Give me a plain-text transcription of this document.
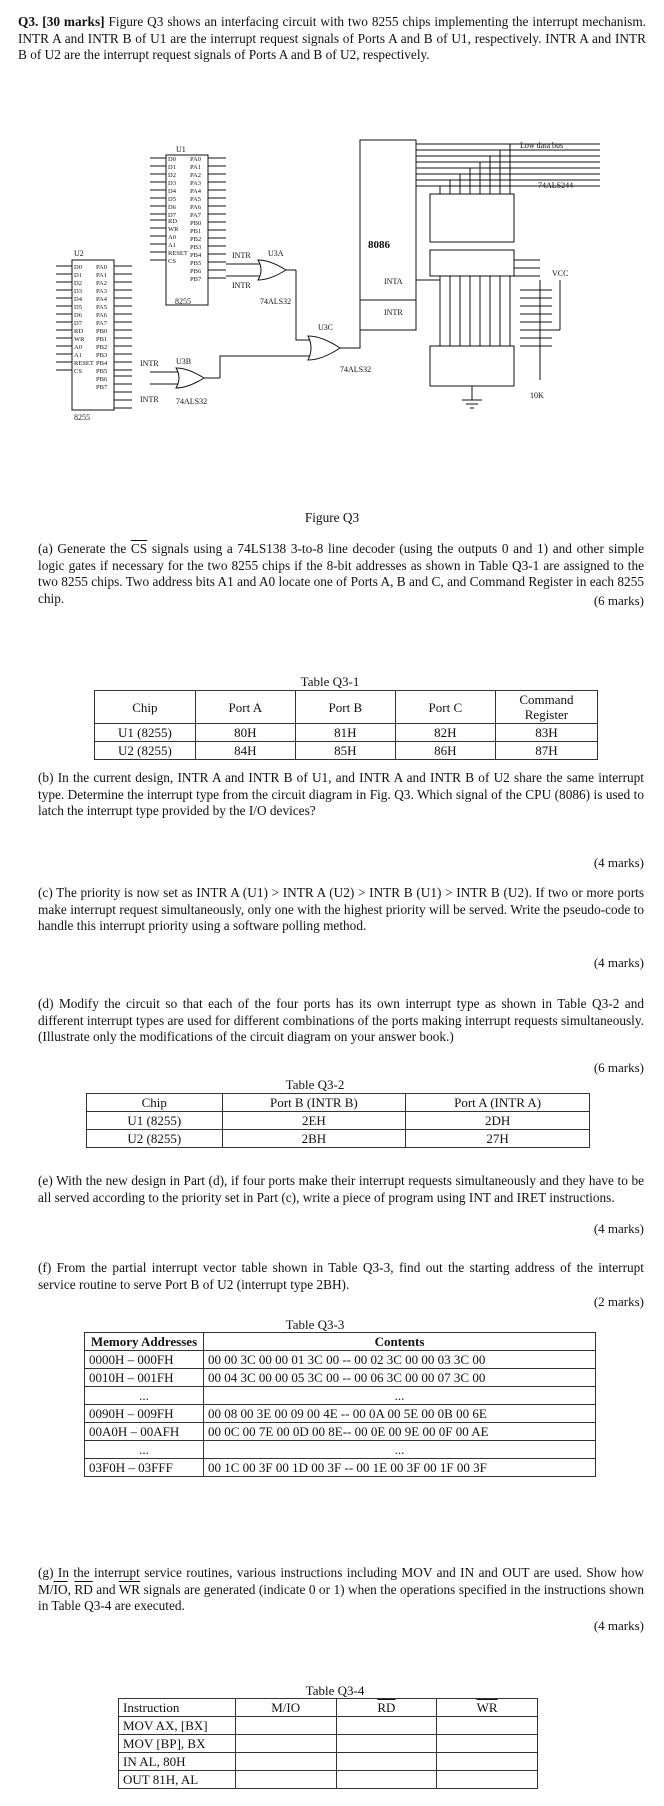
Q3. [30 marks] Figure Q3 shows an interfacing circuit with two 8255 chips implementing the interrupt mechanism. INTR A and INTR B of U1 are the interrupt request signals of Ports A and B of U1, respectively. INTR A and INTR B of U2 are the interrupt request signals of Ports A and B of U2, respectively.
U1
U2
8255
8255
8086
INTA
INTR
U3A
74ALS32
U3B
74ALS32
U3C
74ALS32
74ALS244
Low data bus
VCC
10K
INTR
INTR
INTR
INTR
D0
D1
D2
D3
D4
D5
D6
D7
RD
WR
A0
A1
RESET
CS
PA0
PA1
PA2
PA3
PA4
PA5
PA6
PA7
PB0
PB1
PB2
PB3
PB4
PB5
PB6
PB7
D0
D1
D2
D3
D4
D5
D6
D7
RD
WR
A0
A1
RESET
CS
PA0
PA1
PA2
PA3
PA4
PA5
PA6
PA7
PB0
PB1
PB2
PB3
PB4
PB5
PB6
PB7
Figure Q3
(a) Generate the $\overline{CS}$ signals using a 74LS138 3-to-8 line decoder (using the outputs 0 and 1) and other simple logic gates if necessary for the two 8255 chips if the 8-bit addresses as shown in Table Q3-1 are assigned to the two 8255 chips. Two address bits A1 and A0 locate one of Ports A, B and C, and Command Register in each 8255 chip.	(6 marks)
Table Q3-1
Chip	Port A	Port B	Port C	Command Register
U1 (8255)	80H	81H	82H	83H
U2 (8255)	84H	85H	86H	87H
(b) In the current design, INTR A and INTR B of U1, and INTR A and INTR B of U2 share the same interrupt type. Determine the interrupt type from the circuit diagram in Fig. Q3. Which signal of the CPU (8086) is used to latch the interrupt type provided by the I/O devices?
(4 marks)
(c) The priority is now set as INTR A (U1) > INTR A (U2) > INTR B (U1) > INTR B (U2). If two or more ports make interrupt request simultaneously, only one with the highest priority will be served. Write the pseudo-code to handle this interrupt priority using a software polling method.
(4 marks)
(d) Modify the circuit so that each of the four ports has its own interrupt type as shown in Table Q3-2 and different interrupt types are used for different combinations of the ports making interrupt requests simultaneously. (Illustrate only the modifications of the circuit diagram on your answer book.)
(6 marks)
Table Q3-2
Chip	Port B (INTR B)	Port A (INTR A)
U1 (8255)	2EH	2DH
U2 (8255)	2BH	27H
(e) With the new design in Part (d), if four ports make their interrupt requests simultaneously and they have to be all served according to the priority set in Part (c), write a piece of program using INT and IRET instructions.
(4 marks)
(f) From the partial interrupt vector table shown in Table Q3-3, find out the starting address of the interrupt service routine to serve Port B of U2 (interrupt type 2BH).
(2 marks)
Table Q3-3
Memory Addresses	Contents
0000H – 000FH	00 00 3C 00 00 01 3C 00 -- 00 02 3C 00 00 03 3C 00
0010H – 001FH	00 04 3C 00 00 05 3C 00 -- 00 06 3C 00 00 07 3C 00
...	...
0090H – 009FH	00 08 00 3E 00 09 00 4E -- 00 0A 00 5E 00 0B 00 6E
00A0H – 00AFH	00 0C 00 7E 00 0D 00 8E-- 00 0E 00 9E 00 0F 00 AE
...	...
03F0H – 03FFF	00 1C 00 3F 00 1D 00 3F -- 00 1E 00 3F 00 1F 00 3F
(g) In the interrupt service routines, various instructions including MOV and IN and OUT are used. Show how $M/\overline{IO}$, $\overline{RD}$ and $\overline{WR}$ signals are generated (indicate 0 or 1) when the operations specified in the instructions shown in Table Q3-4 are executed.
(4 marks)
Table Q3-4
Instruction	M/IO	$\overline{RD}$	$\overline{WR}$
MOV AX, [BX]			
MOV [BP], BX			
IN AL, 80H			
OUT 81H, AL			
